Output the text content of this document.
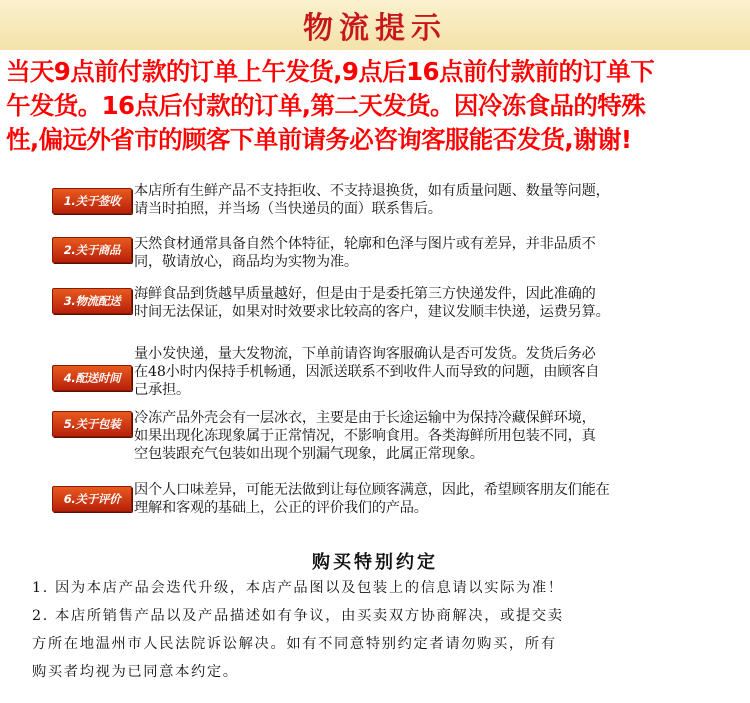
物流提示
当天9点前付款的订单上午发货,9点后16点前付款前的订单下
午发货。16点后付款的订单,第二天发货。因冷冻食品的特殊
性,偏远外省市的顾客下单前请务必咨询客服能否发货,谢谢!
1.关于签收
本店所有生鲜产品不支持拒收、不支持退换货，如有质量问题、数量等问题，
请当时拍照，并当场（当快递员的面）联系售后。
2.关于商品 天然食材通常具备自然个体特征，轮廓和色泽与图片或有差异，并非品质不
同，敬请放心，商品均为实物为准。
3.物流配送 海鲜食品到货越早质量越好，但是由于是委托第三方快递发件，因此准确的
时间无法保证，如果对时效要求比较高的客户，建议发顺丰快递，运费另算。
4.配送时间
量小发快递，量大发物流，下单前请咨询客服确认是否可发货。发货后务必
在48小时内保持手机畅通，因派送联系不到收件人而导致的问题，由顾客自
己承担。
5.关于包装 冷冻产品外壳会有一层冰衣，主要是由于长途运输中为保持冷藏保鲜环境，
如果出现化冻现象属于正常情况，不影响食用。各类海鲜所用包装不同，真
空包装跟充气包装如出现个别漏气现象，此属正常现象。
6.关于评价
因个人口味差异，可能无法做到让每位顾客满意，因此，希望顾客朋友们能在
理解和客观的基础上，公正的评价我们的产品。
购买特别约定
1. 因为本店产品会迭代升级，本店产品图以及包装上的信息请以实际为准！
2. 本店所销售产品以及产品描述如有争议，由买卖双方协商解决，或提交卖
方所在地温州市人民法院诉讼解决。如有不同意特别约定者请勿购买，所有
购买者均视为已同意本约定。
